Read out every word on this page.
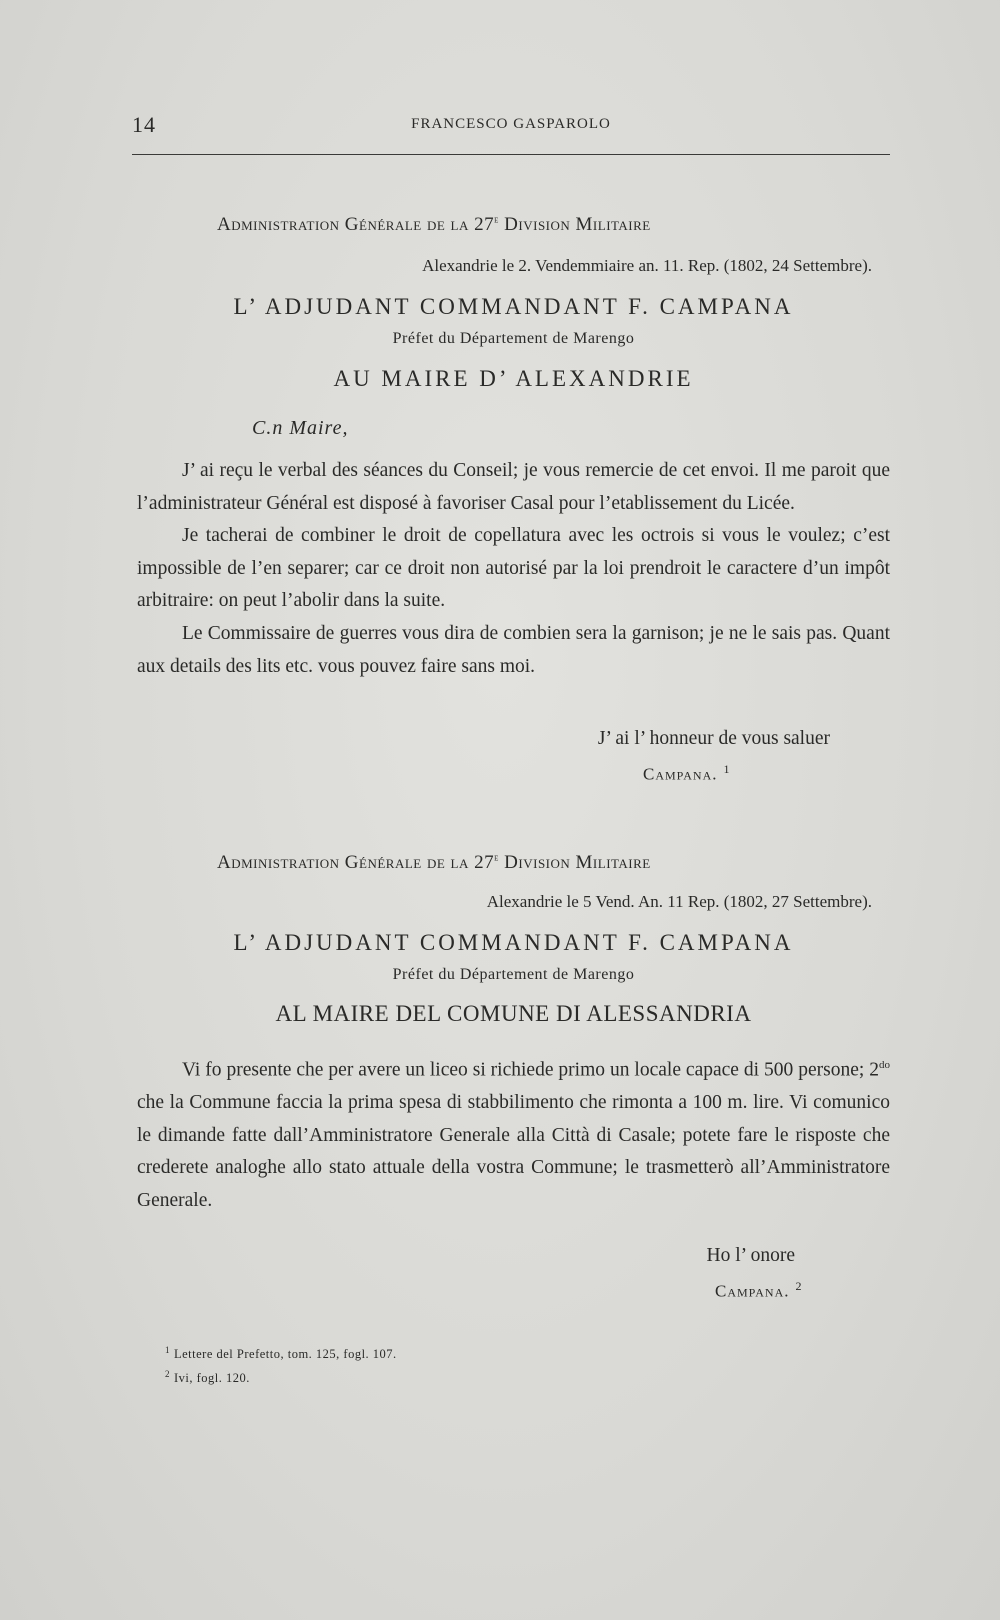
14	FRANCESCO GASPAROLO
Administration Générale de la 27e Division Militaire
Alexandrie le 2. Vendemmiaire an. 11. Rep. (1802, 24 Settembre).
L’ ADJUDANT COMMANDANT F. CAMPANA
Préfet du Département de Marengo
AU MAIRE D’ ALEXANDRIE
C.n Maire,

J’ ai reçu le verbal des séances du Conseil; je vous remercie de cet envoi. Il me paroit que l’administrateur Général est disposé à favoriser Casal pour l’etablissement du Licée.

Je tacherai de combiner le droit de copellatura avec les octrois si vous le voulez; c’est impossible de l’en separer; car ce droit non autorisé par la loi prendroit le caractere d’un impôt arbitraire: on peut l’abolir dans la suite.

Le Commissaire de guerres vous dira de combien sera la garnison; je ne le sais pas. Quant aux details des lits etc. vous pouvez faire sans moi.

J’ ai l’ honneur de vous saluer
Campana. $^1$
Administration Générale de la 27e Division Militaire
Alexandrie le 5 Vend. An. 11 Rep. (1802, 27 Settembre).
L’ ADJUDANT COMMANDANT F. CAMPANA
Préfet du Département de Marengo
AL MAIRE DEL COMUNE DI ALESSANDRIA

Vi fo presente che per avere un liceo si richiede primo un locale capace di 500 persone; $2^{do}$ che la Commune faccia la prima spesa di stabbilimento che rimonta a 100 m. lire. Vi comunico le dimande fatte dall’Amministratore Generale alla Città di Casale; potete fare le risposte che crederete analoghe allo stato attuale della vostra Commune; le trasmetterò all’Amministratore Generale.

Ho l’ onore
Campana. $^2$
$^1$ Lettere del Prefetto, tom. 125, fogl. 107.
$^2$ Ivi, fogl. 120.
